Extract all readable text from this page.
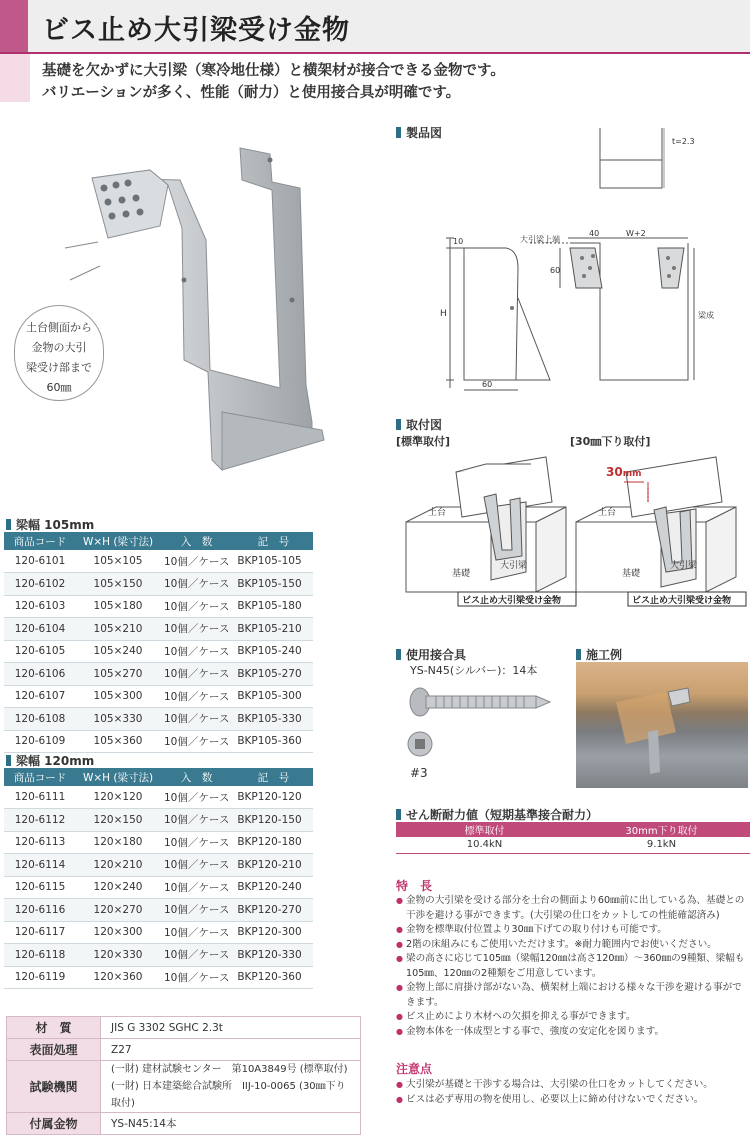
ビス止め大引梁受け金物
基礎を欠かずに大引梁（寒冷地仕様）と横架材が接合できる金物です。
バリエーションが多く、性能（耐力）と使用接合具が明確です。
土台側面から
金物の大引
梁受け部まで
60㎜
梁幅 105mm
商品コード	W×H (梁寸法)	入　数	記　号
120-6101	105×105	10個／ケース	BKP105-105
120-6102	105×150	10個／ケース	BKP105-150
120-6103	105×180	10個／ケース	BKP105-180
120-6104	105×210	10個／ケース	BKP105-210
120-6105	105×240	10個／ケース	BKP105-240
120-6106	105×270	10個／ケース	BKP105-270
120-6107	105×300	10個／ケース	BKP105-300
120-6108	105×330	10個／ケース	BKP105-330
120-6109	105×360	10個／ケース	BKP105-360
梁幅 120mm
商品コード	W×H (梁寸法)	入　数	記　号
120-6111	120×120	10個／ケース	BKP120-120
120-6112	120×150	10個／ケース	BKP120-150
120-6113	120×180	10個／ケース	BKP120-180
120-6114	120×210	10個／ケース	BKP120-210
120-6115	120×240	10個／ケース	BKP120-240
120-6116	120×270	10個／ケース	BKP120-270
120-6117	120×300	10個／ケース	BKP120-300
120-6118	120×330	10個／ケース	BKP120-330
120-6119	120×360	10個／ケース	BKP120-360
材　質	JIS G 3302 SGHC 2.3t
表面処理	Z27
試験機関	(一財) 建材試験センター　第10A3849号 (標準取付)
(一財) 日本建築総合試験所　IIJ-10-0065 (30㎜下り取付)

付属金物	YS-N45:14本
製品図
t=2.3
10	大引梁上端
40	W+2
60
H
60
梁成
取付図
[標準取付]	[30㎜下り取付]
30mm
土台
基礎
大引梁
土台
基礎
大引梁
ビス止め大引梁受け金物	ビス止め大引梁受け金物
使用接合具
YS-N45(シルバー)：14本
#3
施工例
せん断耐力値（短期基準接合耐力）
標準取付	30mm下り取付
10.4kN	9.1kN
特　長
● 金物の大引梁を受ける部分を土台の側面より60㎜前に出している為、基礎との干渉を避ける事ができます。(大引梁の仕口をカットしての性能確認済み)
● 金物を標準取付位置より30㎜下げての取り付けも可能です。
● 2階の床組みにもご使用いただけます。※耐力範囲内でお使いください。
● 梁の高さに応じて105㎜（梁幅120㎜は高さ120㎜）～360㎜の9種類、梁幅も105㎜、120㎜の2種類をご用意しています。
● 金物上部に肩掛け部がない為、横架材上端における様々な干渉を避ける事ができます。
● ビス止めにより木材への欠損を抑える事ができます。
● 金物本体を一体成型とする事で、強度の安定化を図ります。
注意点
● 大引梁が基礎と干渉する場合は、大引梁の仕口をカットしてください。
● ビスは必ず専用の物を使用し、必要以上に締め付けないでください。
